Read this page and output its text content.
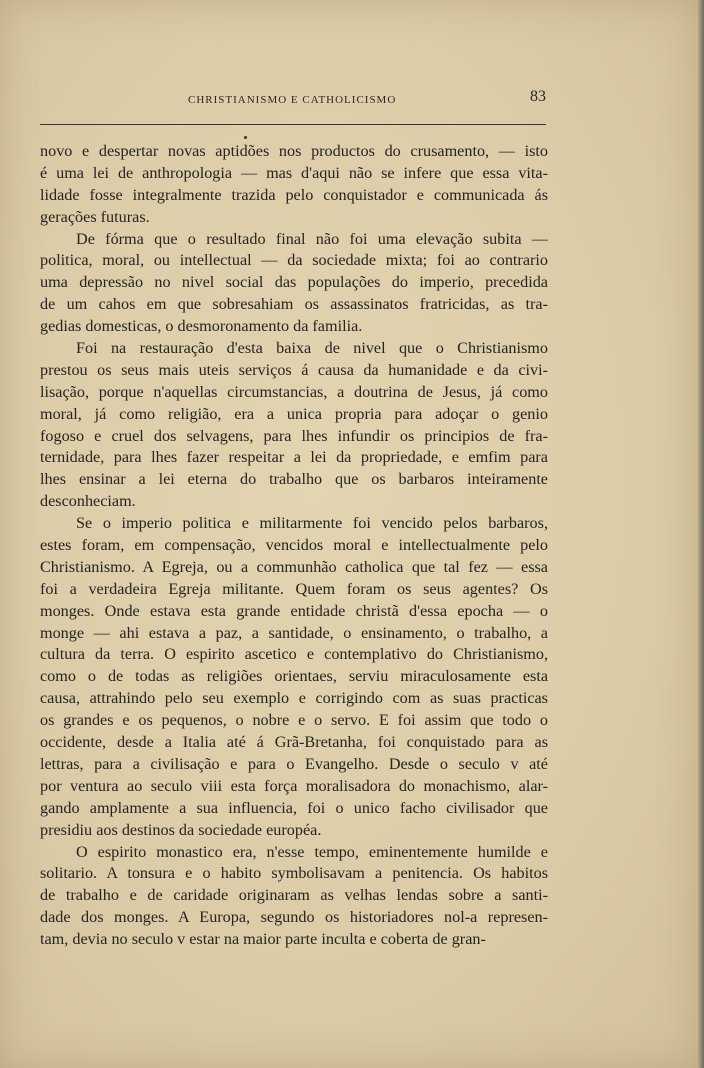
CHRISTIANISMO E CATHOLICISMO	83
novo e despertar novas aptidões nos productos do crusamento, — isto
é uma lei de anthropologia — mas d'aqui não se infere que essa vita-
lidade fosse integralmente trazida pelo conquistador e communicada ás
gerações futuras.
De fórma que o resultado final não foi uma elevação subita —
politica, moral, ou intellectual — da sociedade mixta; foi ao contrario
uma depressão no nivel social das populações do imperio, precedida
de um cahos em que sobresahiam os assassinatos fratricidas, as tra-
gedias domesticas, o desmoronamento da familia.
Foi na restauração d'esta baixa de nivel que o Christianismo
prestou os seus mais uteis serviços á causa da humanidade e da civi-
lisação, porque n'aquellas circumstancias, a doutrina de Jesus, já como
moral, já como religião, era a unica propria para adoçar o genio
fogoso e cruel dos selvagens, para lhes infundir os principios de fra-
ternidade, para lhes fazer respeitar a lei da propriedade, e emfim para
lhes ensinar a lei eterna do trabalho que os barbaros inteiramente
desconheciam.
Se o imperio politica e militarmente foi vencido pelos barbaros,
estes foram, em compensação, vencidos moral e intellectualmente pelo
Christianismo. A Egreja, ou a communhão catholica que tal fez — essa
foi a verdadeira Egreja militante. Quem foram os seus agentes? Os
monges. Onde estava esta grande entidade christã d'essa epocha — o
monge — ahi estava a paz, a santidade, o ensinamento, o trabalho, a
cultura da terra. O espirito ascetico e contemplativo do Christianismo,
como o de todas as religiões orientaes, serviu miraculosamente esta
causa, attrahindo pelo seu exemplo e corrigindo com as suas practicas
os grandes e os pequenos, o nobre e o servo. E foi assim que todo o
occidente, desde a Italia até á Grã-Bretanha, foi conquistado para as
lettras, para a civilisação e para o Evangelho. Desde o seculo v até
por ventura ao seculo viii esta força moralisadora do monachismo, alar-
gando amplamente a sua influencia, foi o unico facho civilisador que
presidiu aos destinos da sociedade européa.
O espirito monastico era, n'esse tempo, eminentemente humilde e
solitario. A tonsura e o habito symbolisavam a penitencia. Os habitos
de trabalho e de caridade originaram as velhas lendas sobre a santi-
dade dos monges. A Europa, segundo os historiadores nol-a represen-
tam, devia no seculo v estar na maior parte inculta e coberta de gran-
